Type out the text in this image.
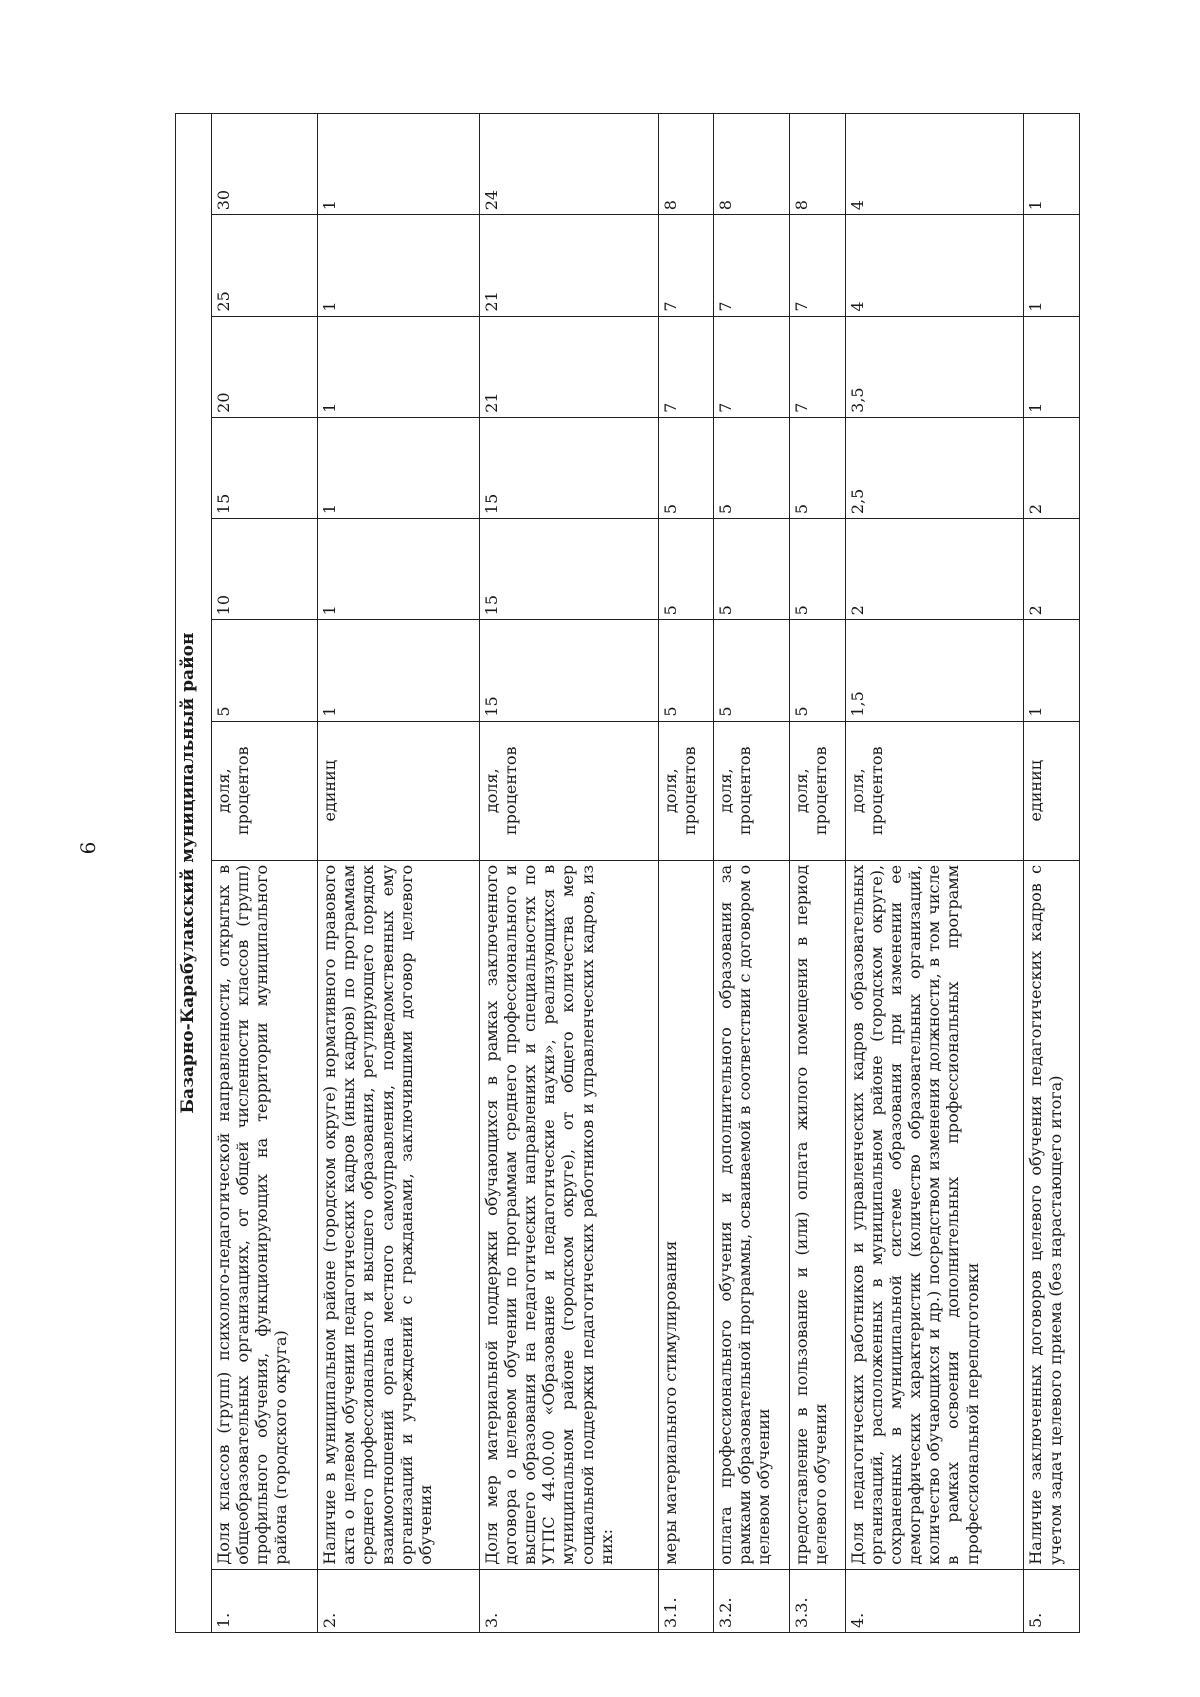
6	Базарно-Карабулакский муниципальный район								
1.	Доля классов (групп) психолого-педагогической направленности, открытых в общеобразовательных организациях, от общей численности классов (групп) профильного обучения, функционирующих на территории муниципального района (городского округа)	доля, процентов	5	10	15	20	25	30
2.	Наличие в муниципальном районе (городском округе) нормативного правового акта о целевом обучении педагогических кадров (иных кадров) по программам среднего профессионального и высшего образования, регулирующего порядок взаимоотношений органа местного самоуправления, подведомственных ему организаций и учреждений с гражданами, заключившими договор целевого обучения	единиц	1	1	1	1	1	1
3.	Доля мер материальной поддержки обучающихся в рамках заключенного договора о целевом обучении по программам среднего профессионального и высшего образования на педагогических направлениях и специальностях по УГПС 44.00.00 «Образование и педагогические науки», реализующихся в муниципальном районе (городском округе), от общего количества мер социальной поддержки педагогических работников и управленческих кадров, из них:	доля, процентов	15	15	15	21	21	24
3.1.	меры материального стимулирования	доля, процентов	5	5	5	7	7	8
3.2.	оплата профессионального обучения и дополнительного образования за рамками образовательной программы, осваиваемой в соответствии с договором о целевом обучении	доля, процентов	5	5	5	7	7	8
3.3.	предоставление в пользование и (или) оплата жилого помещения в период целевого обучения	доля, процентов	5	5	5	7	7	8
4.	Доля педагогических работников и управленческих кадров образовательных организаций, расположенных в муниципальном районе (городском округе), сохраненных в муниципальной системе образования при изменении ее демографических характеристик (количество образовательных организаций, количество обучающихся и др.) посредством изменения должности, в том числе в рамках освоения дополнительных профессиональных программ профессиональной переподготовки	доля, процентов	1,5	2	2,5	3,5	4	4
5.	Наличие заключенных договоров целевого обучения педагогических кадров с учетом задач целевого приема (без нарастающего итога)	единиц	1	2	2	1	1	1
